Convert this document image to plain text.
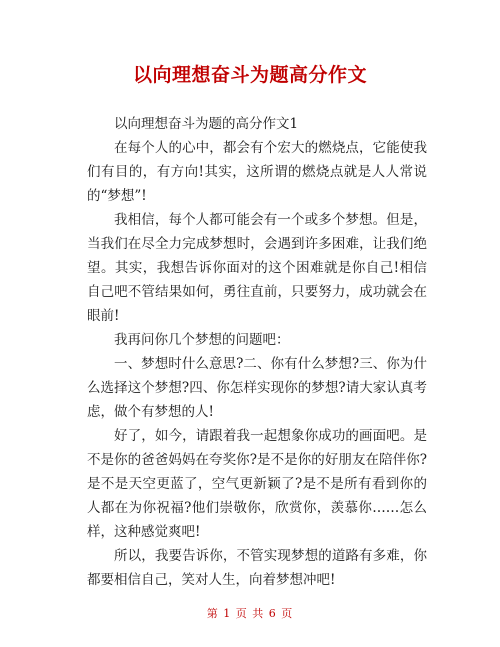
以向理想奋斗为题高分作文

以向理想奋斗为题的高分作文1

在每个人的心中，都会有个宏大的燃烧点，它能使我们有目的，有方向!其实，这所谓的燃烧点就是人人常说的“梦想”!

我相信，每个人都可能会有一个或多个梦想。但是，当我们在尽全力完成梦想时，会遇到许多困难，让我们绝望。其实，我想告诉你面对的这个困难就是你自己!相信自己吧不管结果如何，勇往直前，只要努力，成功就会在眼前!

我再问你几个梦想的问题吧：

一、梦想时什么意思?二、你有什么梦想?三、你为什么选择这个梦想?四、你怎样实现你的梦想?请大家认真考虑，做个有梦想的人!

好了，如今，请跟着我一起想象你成功的画面吧。是不是你的爸爸妈妈在夸奖你?是不是你的好朋友在陪伴你?是不是天空更蓝了，空气更新颖了?是不是所有看到你的人都在为你祝福?他们崇敬你，欣赏你，羡慕你……怎么样，这种感觉爽吧!

所以，我要告诉你，不管实现梦想的道路有多难，你都要相信自己，笑对人生，向着梦想冲吧!

第 1 页 共 6 页
